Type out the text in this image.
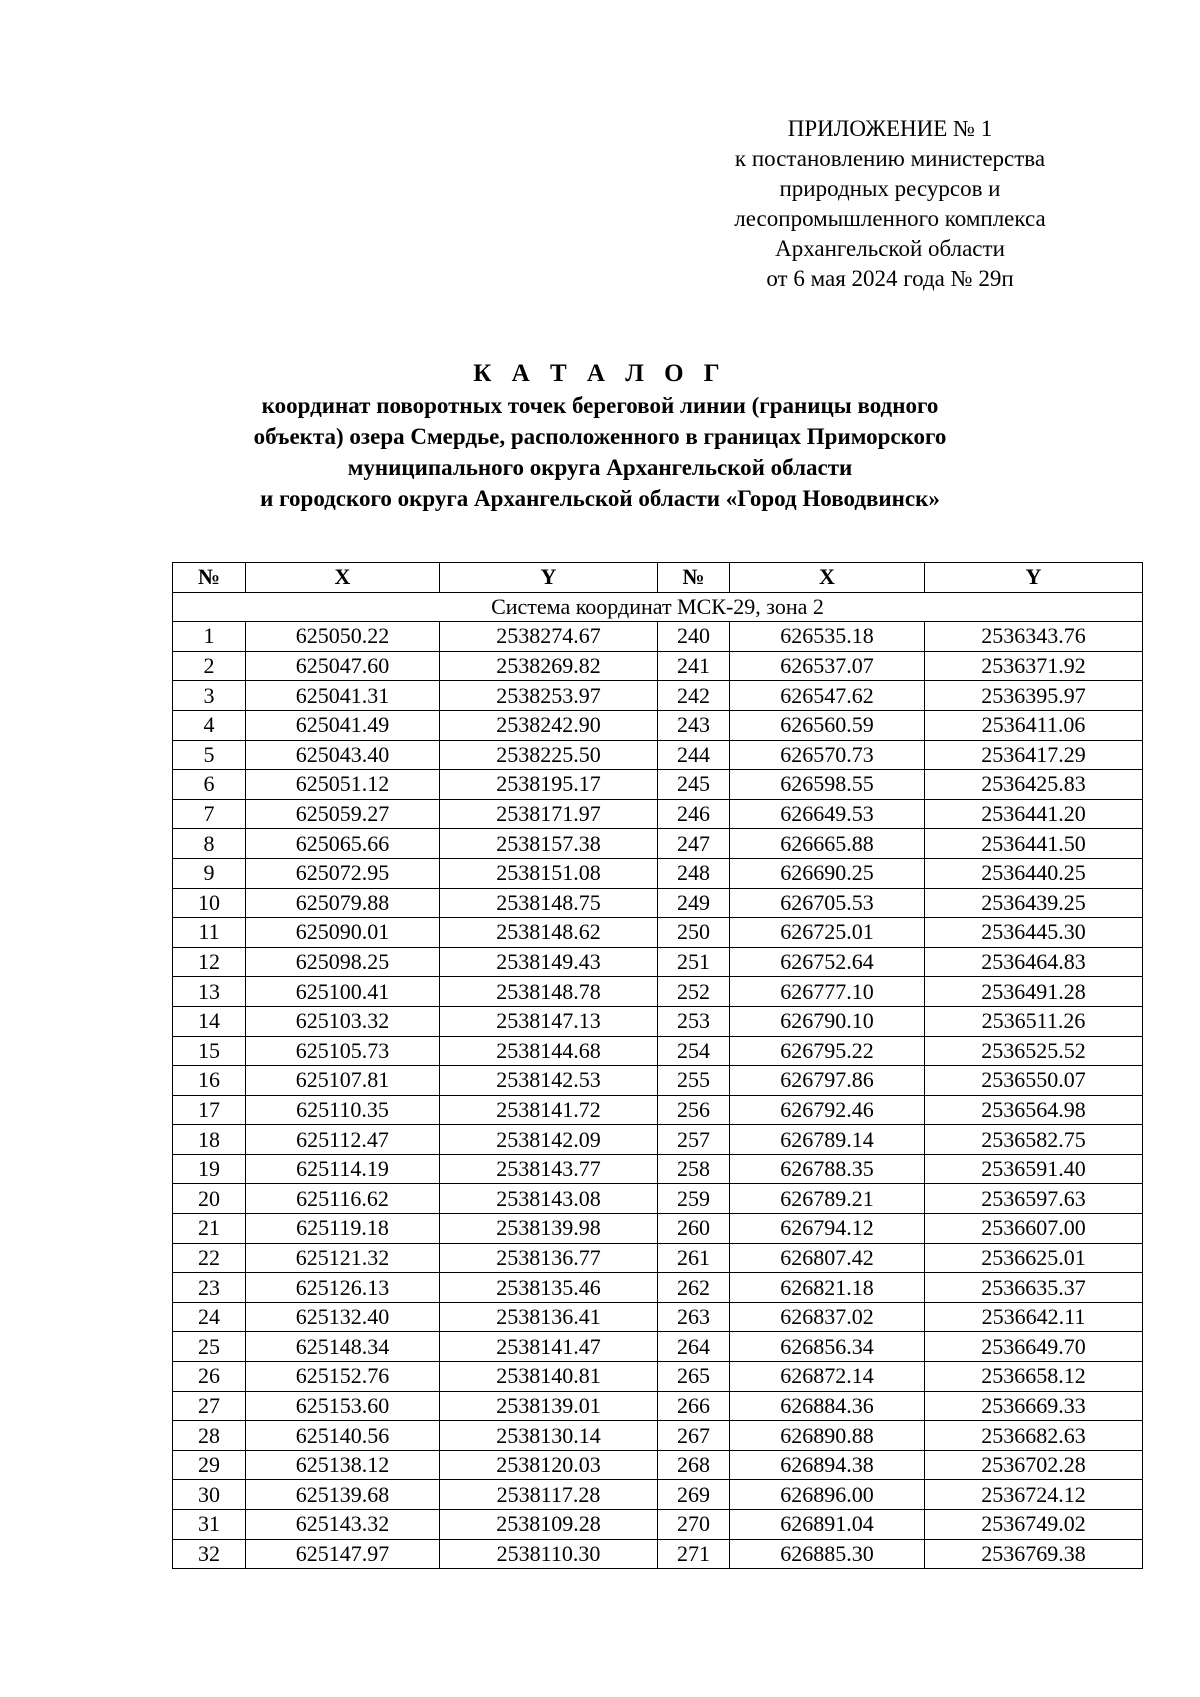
ПРИЛОЖЕНИЕ № 1
к постановлению министерства
природных ресурсов и
лесопромышленного комплекса
Архангельской области
от 6 мая 2024 года № 29п
К А Т А Л О Г
координат поворотных точек береговой линии (границы водного
объекта) озера Смердье, расположенного в границах Приморского
муниципального округа Архангельской области
и городского округа Архангельской области «Город Новодвинск»
№	X	Y	№	X	Y
Система координат МСК-29, зона 2					
1	625050.22	2538274.67	240	626535.18	2536343.76
2	625047.60	2538269.82	241	626537.07	2536371.92
3	625041.31	2538253.97	242	626547.62	2536395.97
4	625041.49	2538242.90	243	626560.59	2536411.06
5	625043.40	2538225.50	244	626570.73	2536417.29
6	625051.12	2538195.17	245	626598.55	2536425.83
7	625059.27	2538171.97	246	626649.53	2536441.20
8	625065.66	2538157.38	247	626665.88	2536441.50
9	625072.95	2538151.08	248	626690.25	2536440.25
10	625079.88	2538148.75	249	626705.53	2536439.25
11	625090.01	2538148.62	250	626725.01	2536445.30
12	625098.25	2538149.43	251	626752.64	2536464.83
13	625100.41	2538148.78	252	626777.10	2536491.28
14	625103.32	2538147.13	253	626790.10	2536511.26
15	625105.73	2538144.68	254	626795.22	2536525.52
16	625107.81	2538142.53	255	626797.86	2536550.07
17	625110.35	2538141.72	256	626792.46	2536564.98
18	625112.47	2538142.09	257	626789.14	2536582.75
19	625114.19	2538143.77	258	626788.35	2536591.40
20	625116.62	2538143.08	259	626789.21	2536597.63
21	625119.18	2538139.98	260	626794.12	2536607.00
22	625121.32	2538136.77	261	626807.42	2536625.01
23	625126.13	2538135.46	262	626821.18	2536635.37
24	625132.40	2538136.41	263	626837.02	2536642.11
25	625148.34	2538141.47	264	626856.34	2536649.70
26	625152.76	2538140.81	265	626872.14	2536658.12
27	625153.60	2538139.01	266	626884.36	2536669.33
28	625140.56	2538130.14	267	626890.88	2536682.63
29	625138.12	2538120.03	268	626894.38	2536702.28
30	625139.68	2538117.28	269	626896.00	2536724.12
31	625143.32	2538109.28	270	626891.04	2536749.02
32	625147.97	2538110.30	271	626885.30	2536769.38
